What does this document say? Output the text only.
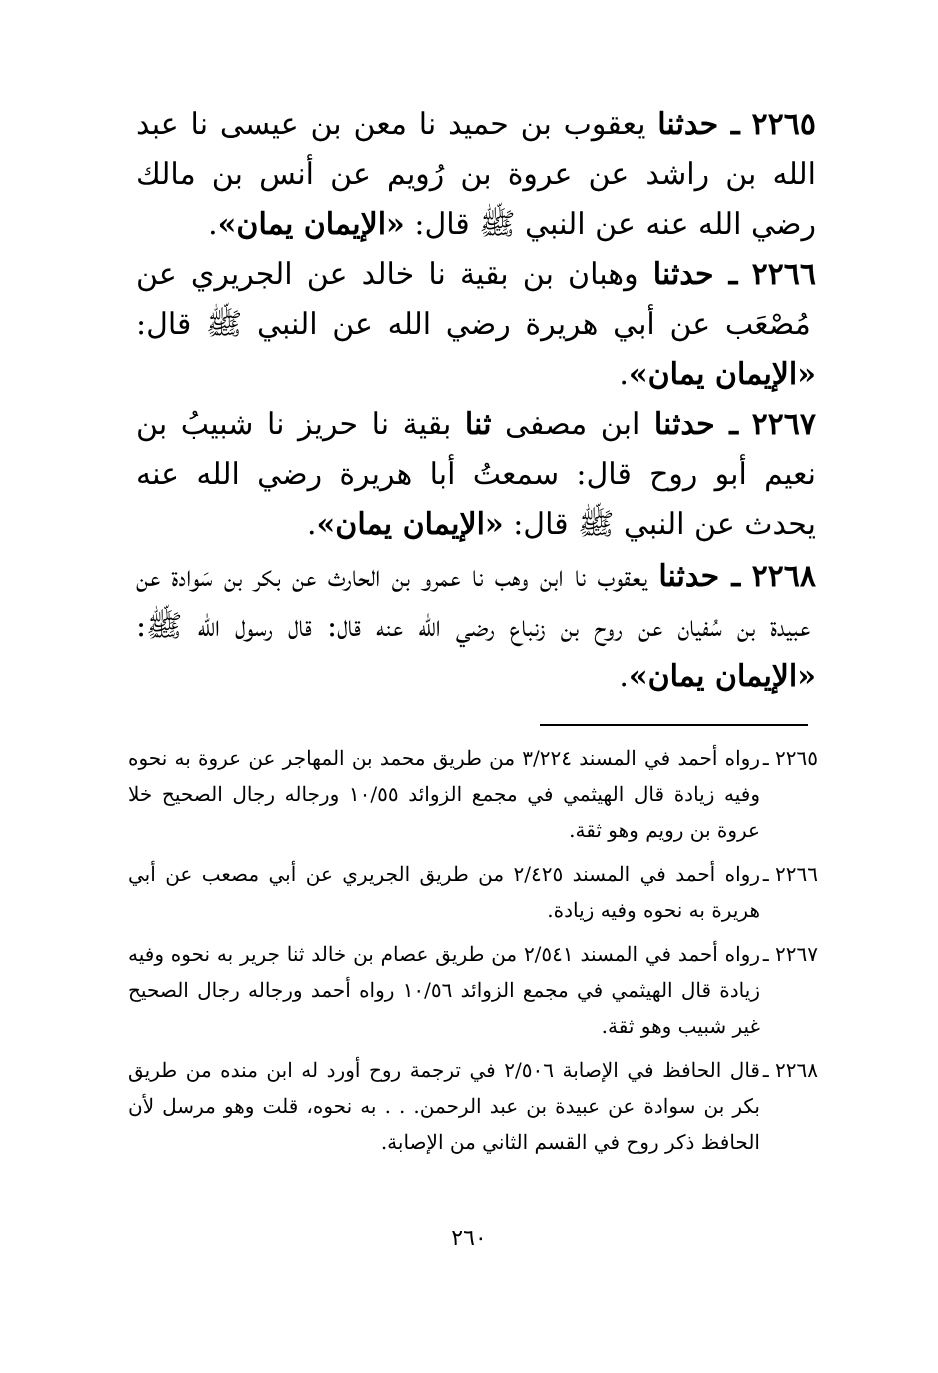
٢٢٦٥ ـ حدثنا يعقوب بن حميد نا معن بن عيسى نا عبد الله بن راشد عن عروة بن رُويم عن أنس بن مالك رضي الله عنه عن النبي ﷺ قال: «الإيمان يمان».

٢٢٦٦ ـ حدثنا وهبان بن بقية نا خالد عن الجريري عن مُصْعَب عن أبي هريرة رضي الله عن النبي ﷺ قال: «الإيمان يمان».

٢٢٦٧ ـ حدثنا ابن مصفى ثنا بقية نا حريز نا شبيبُ بن نعيم أبو روح قال: سمعتُ أبا هريرة رضي الله عنه يحدث عن النبي ﷺ قال: «الإيمان يمان».

٢٢٦٨ ـ حدثنا يعقوب نا ابن وهب نا عمرو بن الحارث عن بكر بن سَوادة عن عبيدة بن سُفيان عن روح بن زنباع رضي الله عنه قال: قال رسول الله ﷺ: «الإيمان يمان».

٢٢٦٥ ـ
رواه أحمد في المسند ٣/٢٢٤ من طريق محمد بن المهاجر عن عروة به نحوه وفيه زيادة قال الهيثمي في مجمع الزوائد ١٠/٥٥ ورجاله رجال الصحيح خلا عروة بن رويم وهو ثقة.

٢٢٦٦ ـ
رواه أحمد في المسند ٢/٤٢٥ من طريق الجريري عن أبي مصعب عن أبي هريرة به نحوه وفيه زيادة.

٢٢٦٧ ـ
رواه أحمد في المسند ٢/٥٤١ من طريق عصام بن خالد ثنا جرير به نحوه وفيه زيادة قال الهيثمي في مجمع الزوائد ١٠/٥٦ رواه أحمد ورجاله رجال الصحيح غير شبيب وهو ثقة.

٢٢٦٨ ـ
قال الحافظ في الإصابة ٢/٥٠٦ في ترجمة روح أورد له ابن منده من طريق بكر بن سوادة عن عبيدة بن عبد الرحمن. . . به نحوه، قلت وهو مرسل لأن الحافظ ذكر روح في القسم الثاني من الإصابة.

٢٦٠
